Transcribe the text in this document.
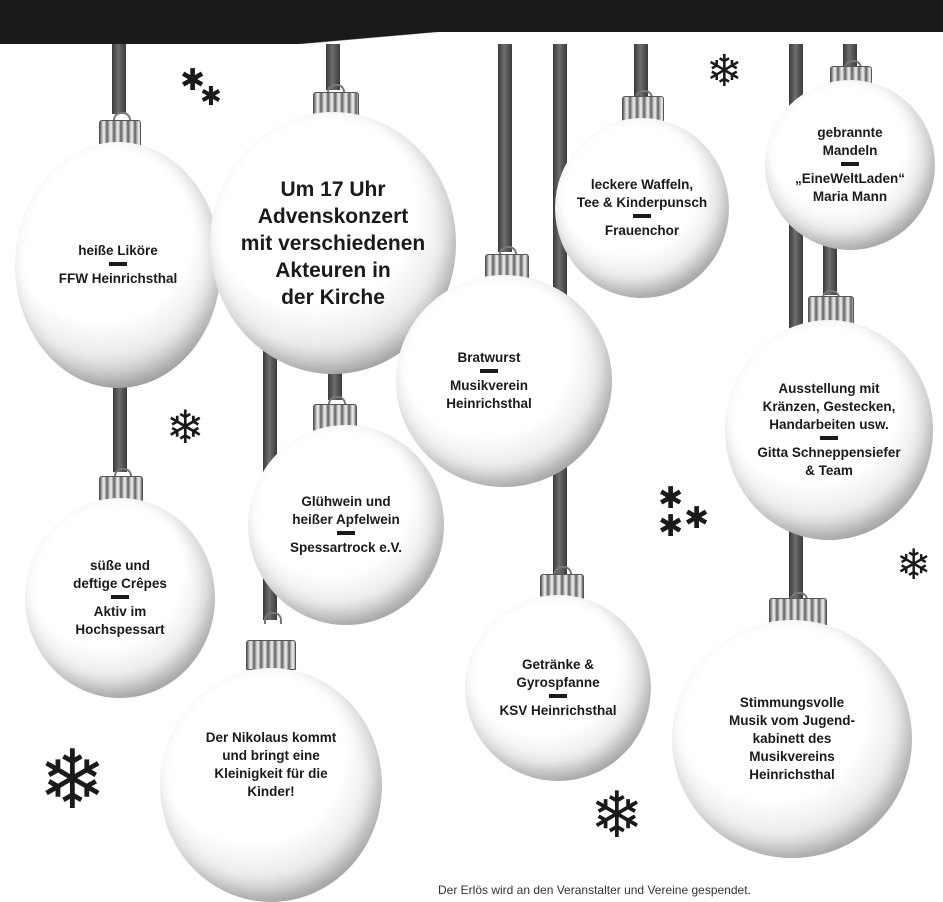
heiße Liköre
FFW Heinrichsthal
Um 17 Uhr
Advenskonzert
mit verschiedenen
Akteuren in
der Kirche
leckere Waffeln,
Tee & Kinderpunsch
Frauenchor
gebrannte
Mandeln
„EineWeltLaden“
Maria Mann
Bratwurst
Musikverein
Heinrichsthal
Ausstellung mit
Kränzen, Gestecken,
Handarbeiten usw.
Gitta Schneppensiefer
& Team
Glühwein und
heißer Apfelwein
Spessartrock e.V.
süße und
deftige Crêpes
Aktiv im
Hochspessart
Getränke &
Gyrospfanne
KSV Heinrichsthal
Der Nikolaus kommt
und bringt eine
Kleinigkeit für die
Kinder!
Stimmungsvolle
Musik vom Jugend-
kabinett des
Musikvereins
Heinrichsthal
✱
✱	❄
❄
✱
✱ ✱
❄
❄	❄
Der Erlös wird an den Veranstalter und Vereine gespendet.
